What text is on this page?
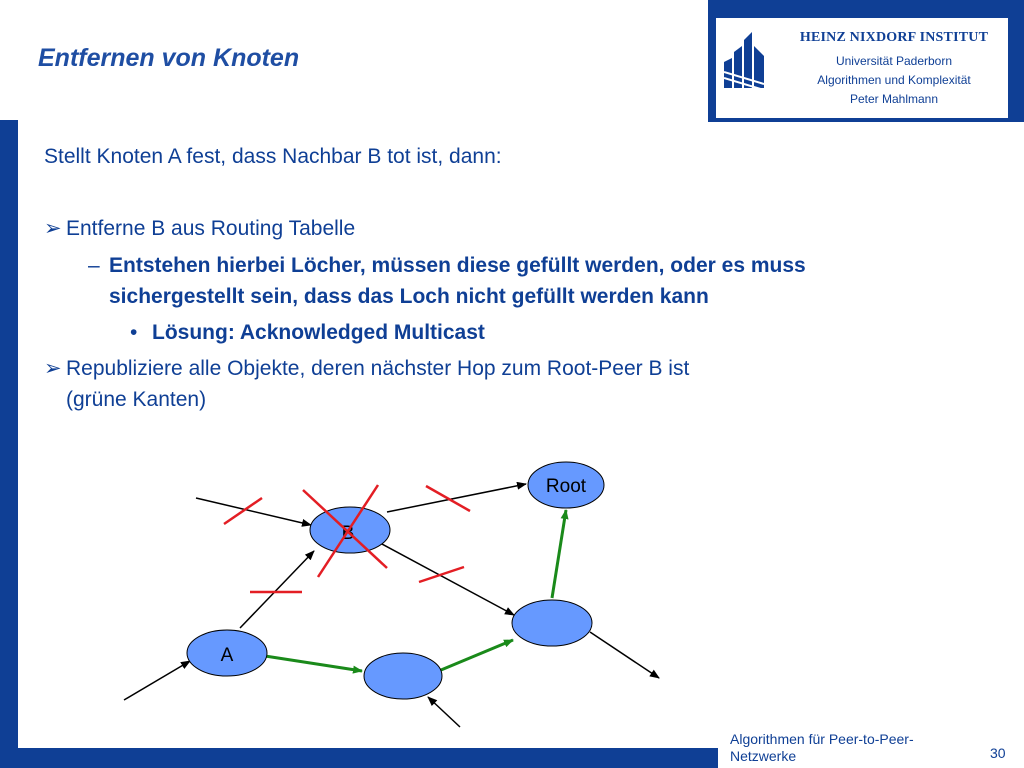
HEINZ NIXDORF INSTITUT
Universität Paderborn
Algorithmen und Komplexität
Peter Mahlmann
Entfernen von Knoten
Stellt Knoten A fest, dass Nachbar B tot ist, dann:
➢ Entferne B aus Routing Tabelle
– Entstehen hierbei Löcher, müssen diese gefüllt werden, oder es muss
sichergestellt sein, dass das Loch nicht gefüllt werden kann
• Lösung: Acknowledged Multicast
➢ Republiziere alle Objekte, deren nächster Hop zum Root-Peer B ist
(grüne Kanten)
Root
B
A
Algorithmen für Peer-to-Peer-
Netzwerke	30
